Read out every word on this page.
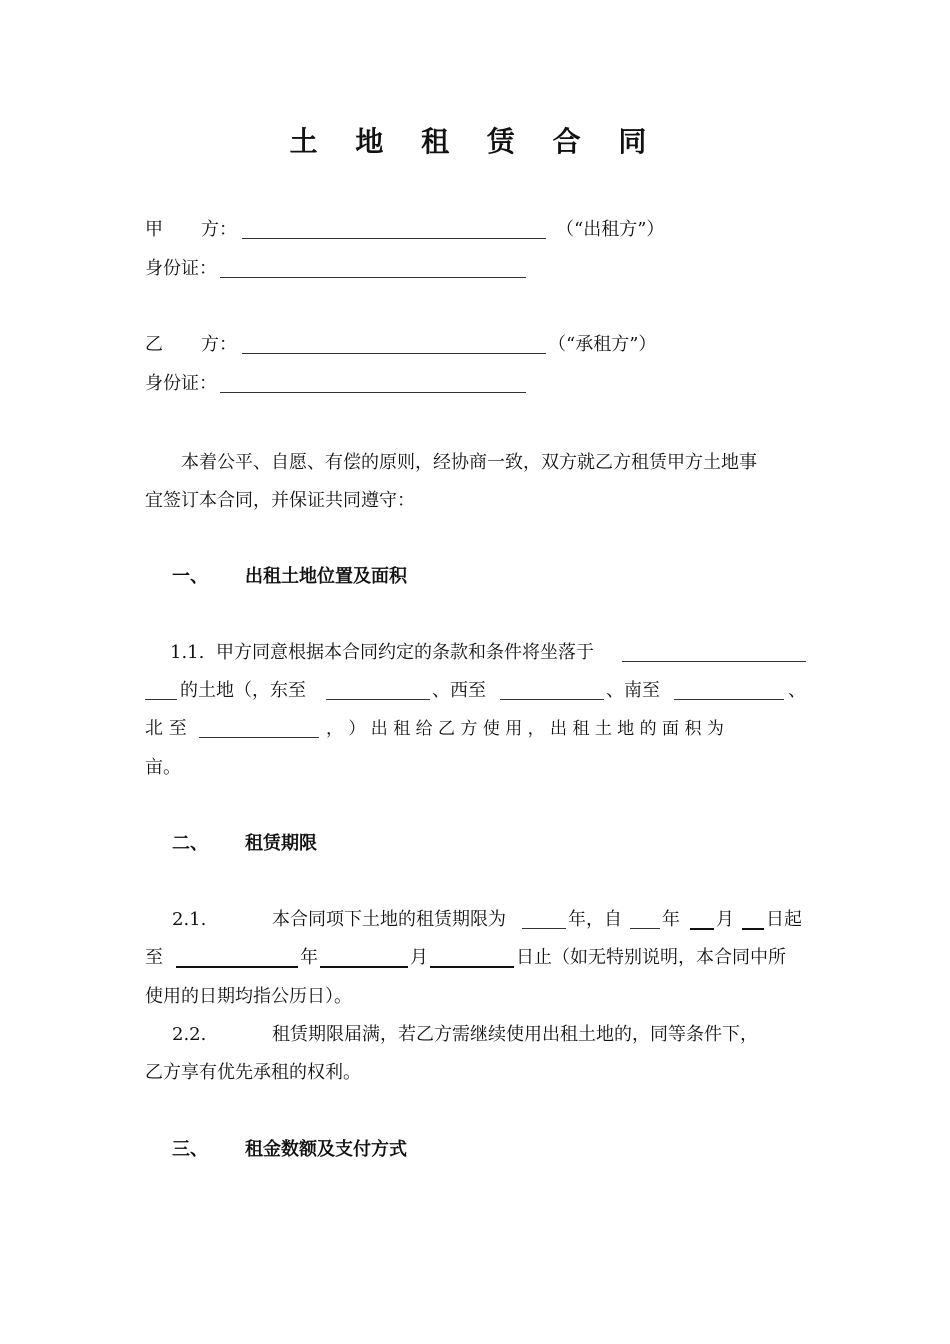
土 地 租 赁 合 同
甲 方：	（“出租方”）
身份证：
乙 方：	（“承租方”）
身份证：
本着公平、自愿、有偿的原则，经协商一致，双方就乙方租赁甲方土地事
宜签订本合同，并保证共同遵守：
一、 出租土地位置及面积
1.1. 甲方同意根据本合同约定的条款和条件将坐落于
的土地（，东至	、西至	、南至	、
北 至	， ） 出 租 给 乙 方 使 用 ， 出 租 土 地 的 面 积 为
亩。
二、 租赁期限
2.1.	本合同项下土地的租赁期限为	年，自 年 月 日起
至	年	月	日止（如无特别说明，本合同中所
使用的日期均指公历日）。
2.2.	租赁期限届满，若乙方需继续使用出租土地的，同等条件下，
乙方享有优先承租的权利。
三、 租金数额及支付方式
